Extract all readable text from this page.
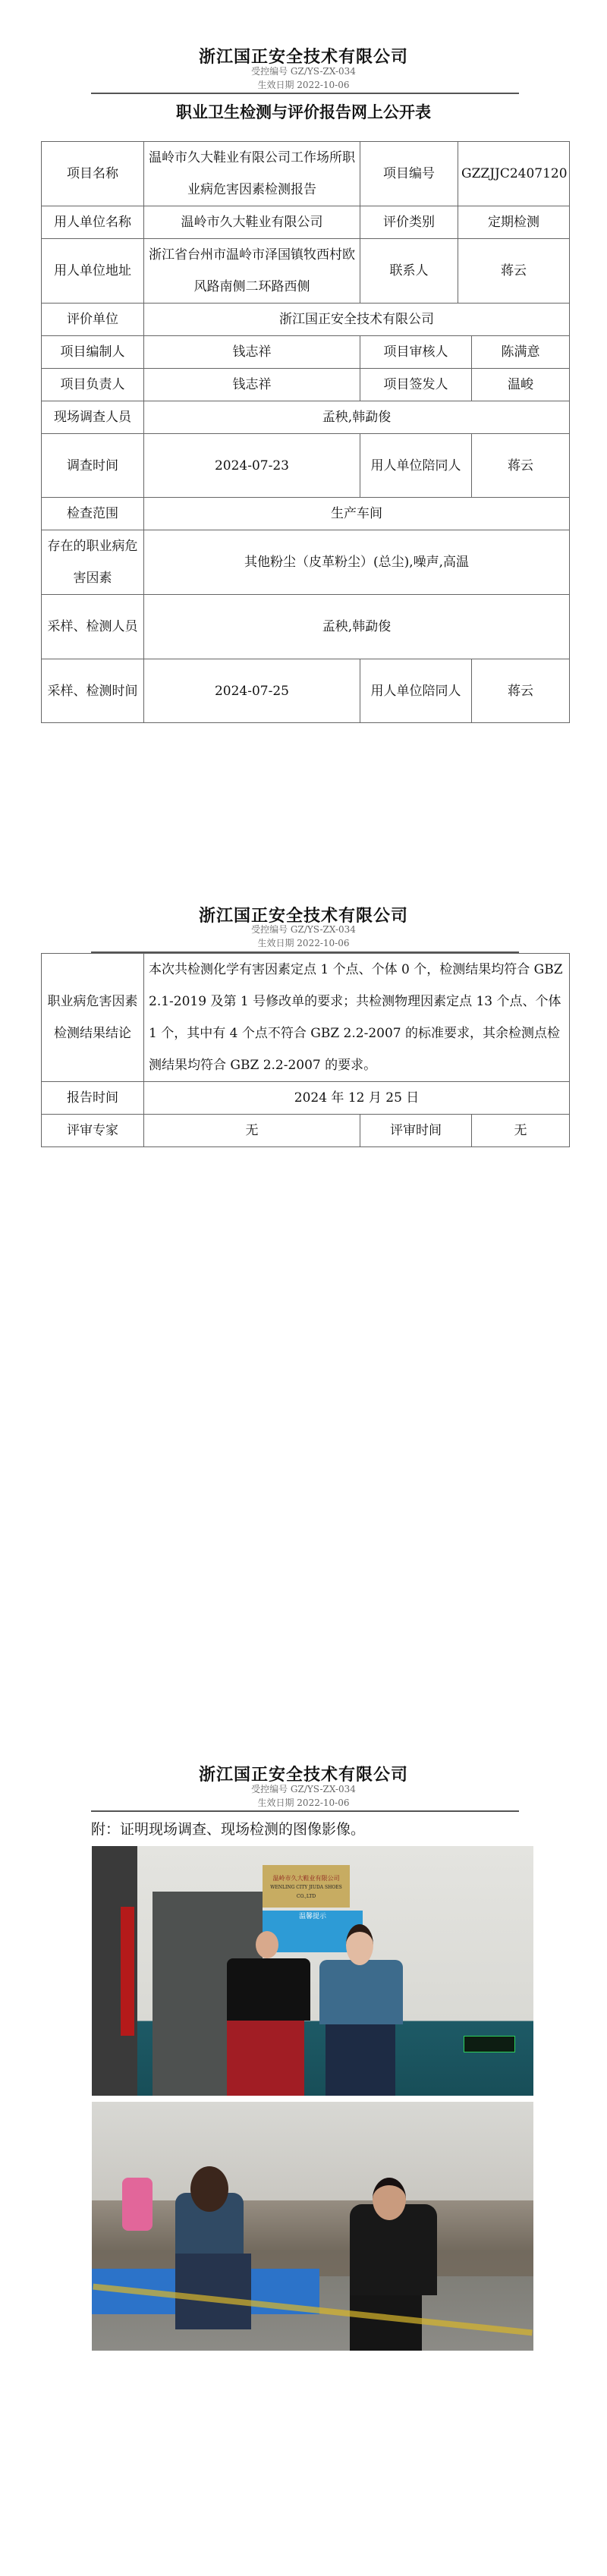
浙江国正安全技术有限公司
受控编号 GZ/YS-ZX-034
生效日期 2022-10-06
职业卫生检测与评价报告网上公开表
项目名称	温岭市久大鞋业有限公司工作场所职业病危害因素检测报告	项目编号	GZZJJC2407120	
用人单位名称	温岭市久大鞋业有限公司	评价类别	定期检测	
用人单位地址	浙江省台州市温岭市泽国镇牧西村欧风路南侧二环路西侧	联系人	蒋云	
评价单位	浙江国正安全技术有限公司			
项目编制人	钱志祥	项目审核人		陈满意
项目负责人	钱志祥	项目签发人		温峻
现场调查人员	孟秧,韩勐俊			
调查时间	2024-07-23	用人单位陪同人		蒋云
检查范围	生产车间			
存在的职业病危害因素	其他粉尘（皮革粉尘）(总尘),噪声,高温			
采样、检测人员	孟秧,韩勐俊			
采样、检测时间	2024-07-25	用人单位陪同人		蒋云
浙江国正安全技术有限公司
受控编号 GZ/YS-ZX-034
生效日期 2022-10-06
职业病危害因素检测结果结论	本次共检测化学有害因素定点 1 个点、个体 0 个，检测结果均符合 GBZ 2.1-2019 及第 1 号修改单的要求；共检测物理因素定点 13 个点、个体 1 个，其中有 4 个点不符合 GBZ 2.2-2007 的标准要求，其余检测点检测结果均符合 GBZ 2.2-2007 的要求。		
报告时间	2024 年 12 月 25 日		
评审专家	无	评审时间	无
浙江国正安全技术有限公司
受控编号 GZ/YS-ZX-034
生效日期 2022-10-06
附：证明现场调查、现场检测的图像影像。
温岭市久大鞋业有限公司
WENLING CITY JIUDA SHOES CO.,LTD
温馨提示
